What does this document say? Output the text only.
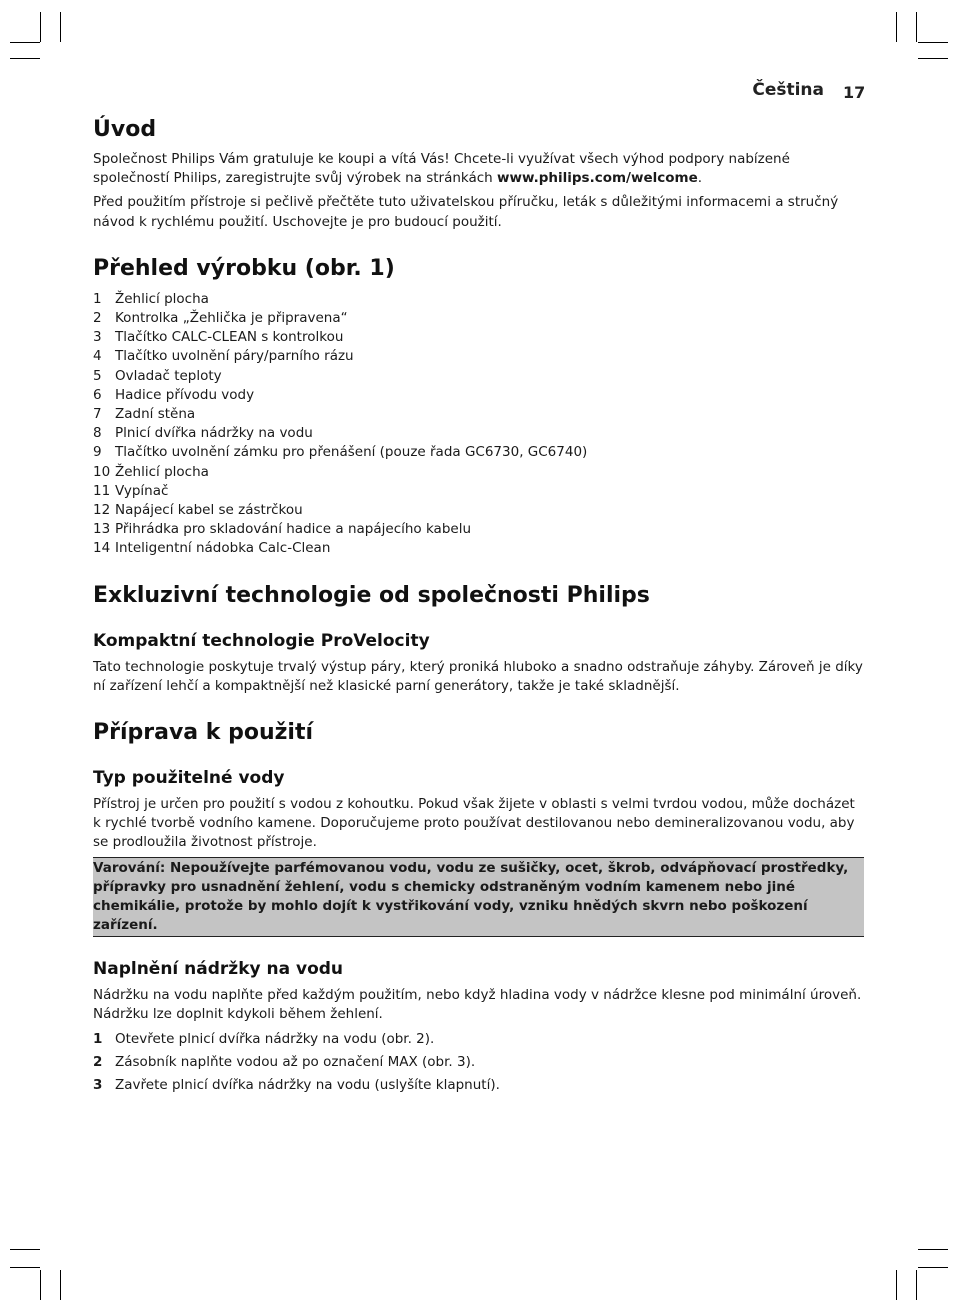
Čeština 17
Úvod

Společnost Philips Vám gratuluje ke koupi a vítá Vás! Chcete-li využívat všech výhod podpory nabízené společností Philips, zaregistrujte svůj výrobek na stránkách www.philips.com/welcome.

Před použitím přístroje si pečlivě přečtěte tuto uživatelskou příručku, leták s důležitými informacemi a stručný návod k rychlému použití. Uschovejte je pro budoucí použití.

Přehled výrobku (obr. 1)
1 Žehlicí plocha
2 Kontrolka „Žehlička je připravena“
3 Tlačítko CALC-CLEAN s kontrolkou
4 Tlačítko uvolnění páry/parního rázu
5 Ovladač teploty
6 Hadice přívodu vody
7 Zadní stěna
8 Plnicí dvířka nádržky na vodu
9 Tlačítko uvolnění zámku pro přenášení (pouze řada GC6730, GC6740)
10 Žehlicí plocha
11 Vypínač
12 Napájecí kabel se zástrčkou
13 Přihrádka pro skladování hadice a napájecího kabelu
14 Inteligentní nádobka Calc-Clean
Exkluzivní technologie od společnosti Philips
Kompaktní technologie ProVelocity

Tato technologie poskytuje trvalý výstup páry, který proniká hluboko a snadno odstraňuje záhyby. Zároveň je díky ní zařízení lehčí a kompaktnější než klasické parní generátory, takže je také skladnější.

Příprava k použití
Typ použitelné vody

Přístroj je určen pro použití s vodou z kohoutku. Pokud však žijete v oblasti s velmi tvrdou vodou, může docházet k rychlé tvorbě vodního kamene. Doporučujeme proto používat destilovanou nebo demineralizovanou vodu, aby se prodloužila životnost přístroje.

Varování: Nepoužívejte parfémovanou vodu, vodu ze sušičky, ocet, škrob, odvápňovací prostředky, přípravky pro usnadnění žehlení, vodu s chemicky odstraněným vodním kamenem nebo jiné chemikálie, protože by mohlo dojít k vystřikování vody, vzniku hnědých skvrn nebo poškození zařízení.
Naplnění nádržky na vodu

Nádržku na vodu naplňte před každým použitím, nebo když hladina vody v nádržce klesne pod minimální úroveň. Nádržku lze doplnit kdykoli během žehlení.

1 Otevřete plnicí dvířka nádržky na vodu (obr. 2).
2 Zásobník naplňte vodou až po označení MAX (obr. 3).
3 Zavřete plnicí dvířka nádržky na vodu (uslyšíte klapnutí).
